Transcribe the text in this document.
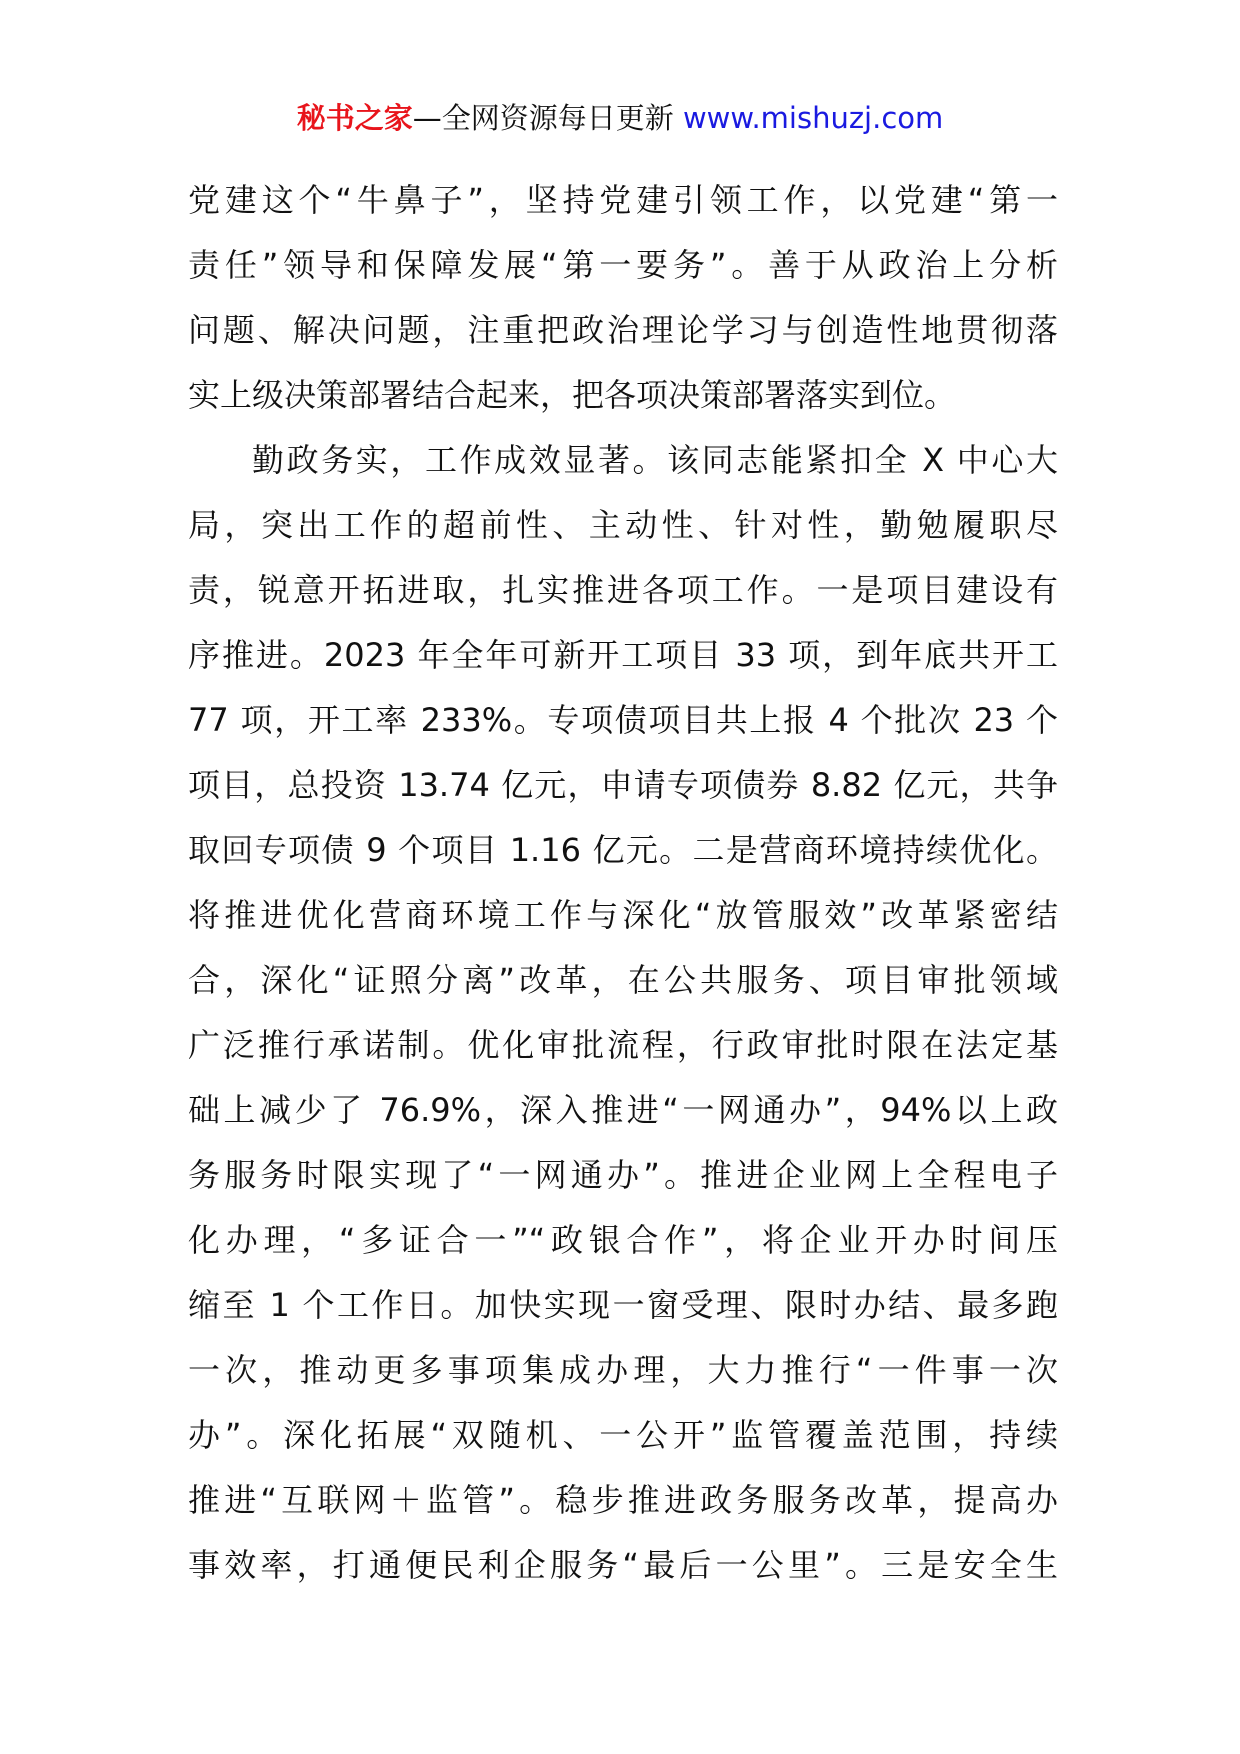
秘书之家—全网资源每日更新 www.mishuzj.com
党建这个“牛鼻子”，坚持党建引领工作，以党建“第一
责任”领导和保障发展“第一要务”。善于从政治上分析
问题、解决问题，注重把政治理论学习与创造性地贯彻落
实上级决策部署结合起来，把各项决策部署落实到位。
勤政务实，工作成效显著。该同志能紧扣全 X 中心大
局，突出工作的超前性、主动性、针对性，勤勉履职尽
责，锐意开拓进取，扎实推进各项工作。一是项目建设有
序推进。2023 年全年可新开工项目 33 项，到年底共开工
77 项，开工率 233%。专项债项目共上报 4 个批次 23 个
项目，总投资 13.74 亿元，申请专项债券 8.82 亿元，共争
取回专项债 9 个项目 1.16 亿元。二是营商环境持续优化。
将推进优化营商环境工作与深化“放管服效”改革紧密结
合，深化“证照分离”改革，在公共服务、项目审批领域
广泛推行承诺制。优化审批流程，行政审批时限在法定基
础上减少了 76.9%，深入推进“一网通办”，94%以上政
务服务时限实现了“一网通办”。推进企业网上全程电子
化办理，“多证合一”“政银合作”，将企业开办时间压
缩至 1 个工作日。加快实现一窗受理、限时办结、最多跑
一次，推动更多事项集成办理，大力推行“一件事一次
办”。深化拓展“双随机、一公开”监管覆盖范围，持续
推进“互联网＋监管”。稳步推进政务服务改革，提高办
事效率，打通便民利企服务“最后一公里”。三是安全生
